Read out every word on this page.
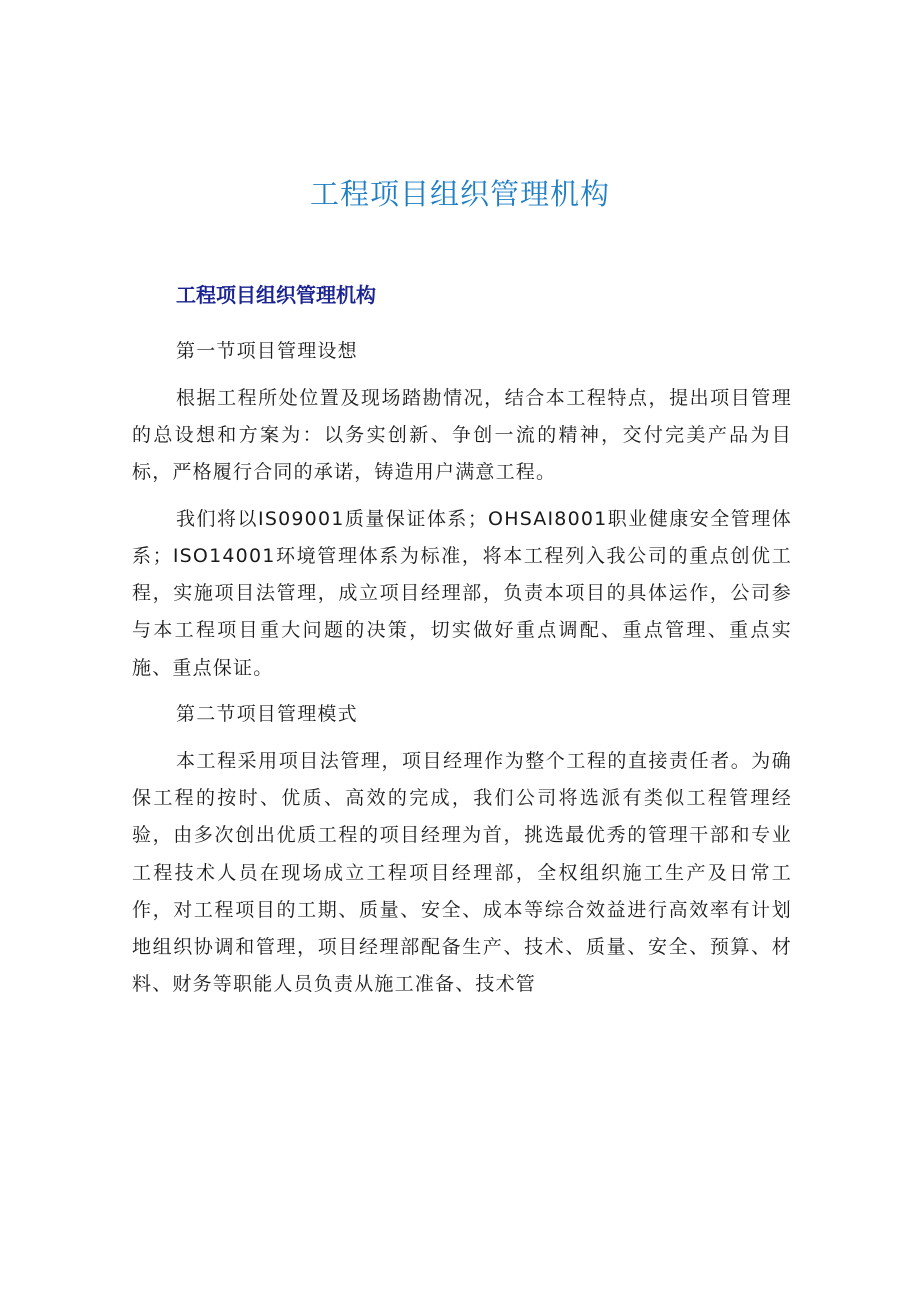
工程项目组织管理机构
工程项目组织管理机构
第一节项目管理设想

根据工程所处位置及现场踏勘情况，结合本工程特点，提出项目管理的总设想和方案为：以务实创新、争创一流的精神，交付完美产品为目标，严格履行合同的承诺，铸造用户满意工程。

我们将以IS09001质量保证体系；OHSAI8001职业健康安全管理体系；ISO14001环境管理体系为标准，将本工程列入我公司的重点创优工程，实施项目法管理，成立项目经理部，负责本项目的具体运作，公司参与本工程项目重大问题的决策，切实做好重点调配、重点管理、重点实施、重点保证。

第二节项目管理模式

本工程采用项目法管理，项目经理作为整个工程的直接责任者。为确保工程的按时、优质、高效的完成，我们公司将选派有类似工程管理经验，由多次创出优质工程的项目经理为首，挑选最优秀的管理干部和专业工程技术人员在现场成立工程项目经理部，全权组织施工生产及日常工作，对工程项目的工期、质量、安全、成本等综合效益进行高效率有计划地组织协调和管理，项目经理部配备生产、技术、质量、安全、预算、材料、财务等职能人员负责从施工准备、技术管
